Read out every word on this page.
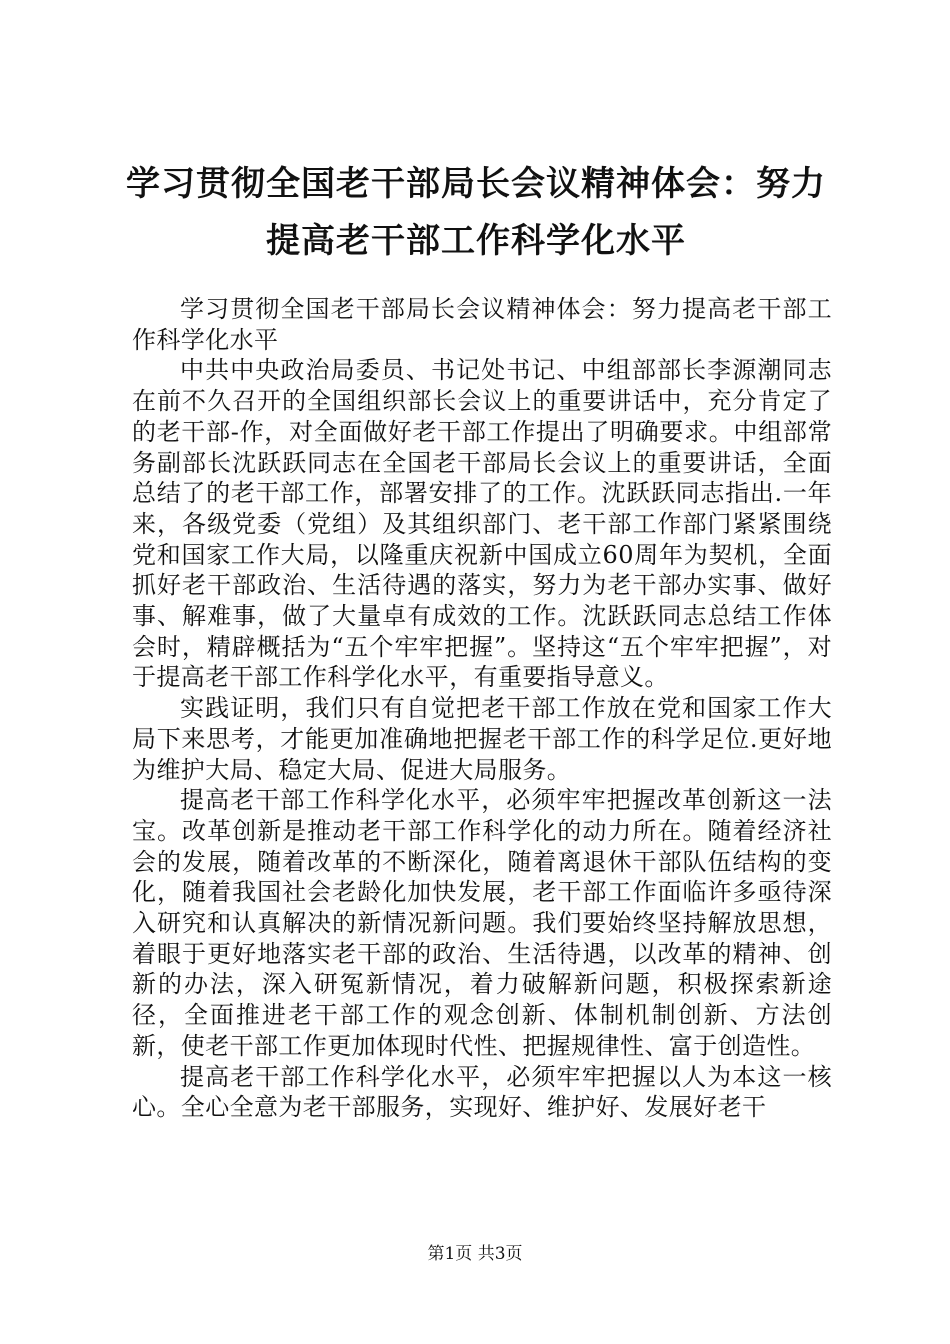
学习贯彻全国老干部局长会议精神体会：努力
提高老干部工作科学化水平

学习贯彻全国老干部局长会议精神体会：努力提高老干部工作科学化水平

中共中央政治局委员、书记处书记、中组部部长李源潮同志在前不久召开的全国组织部长会议上的重要讲话中，充分肯定了的老干部-作，对全面做好老干部工作提出了明确要求。中组部常务副部长沈跃跃同志在全国老干部局长会议上的重要讲话，全面总结了的老干部工作，部署安排了的工作。沈跃跃同志指出.一年来，各级党委（党组）及其组织部门、老干部工作部门紧紧围绕党和国家工作大局，以隆重庆祝新中国成立60周年为契机，全面抓好老干部政治、生活待遇的落实，努力为老干部办实事、做好事、解难事，做了大量卓有成效的工作。沈跃跃同志总结工作体会时，精辟概括为“五个牢牢把握”。坚持这“五个牢牢把握”，对于提高老干部工作科学化水平，有重要指导意义。

实践证明，我们只有自觉把老干部工作放在党和国家工作大局下来思考，才能更加准确地把握老干部工作的科学足位.更好地为维护大局、稳定大局、促进大局服务。

提高老干部工作科学化水平，必须牢牢把握改革创新这一法宝。改革创新是推动老干部工作科学化的动力所在。随着经济社会的发展，随着改革的不断深化，随着离退休干部队伍结构的变化，随着我国社会老龄化加快发展，老干部工作面临许多亟待深入研究和认真解决的新情况新问题。我们要始终坚持解放思想，着眼于更好地落实老干部的政治、生活待遇，以改革的精神、创新的办法，深入研冤新情况，着力破解新问题，积极探索新途径，全面推进老干部工作的观念创新、体制机制创新、方法创新，使老干部工作更加体现时代性、把握规律性、富于创造性。

提高老干部工作科学化水平，必须牢牢把握以人为本这一核心。全心全意为老干部服务，实现好、维护好、发展好老干

第1页 共3页
